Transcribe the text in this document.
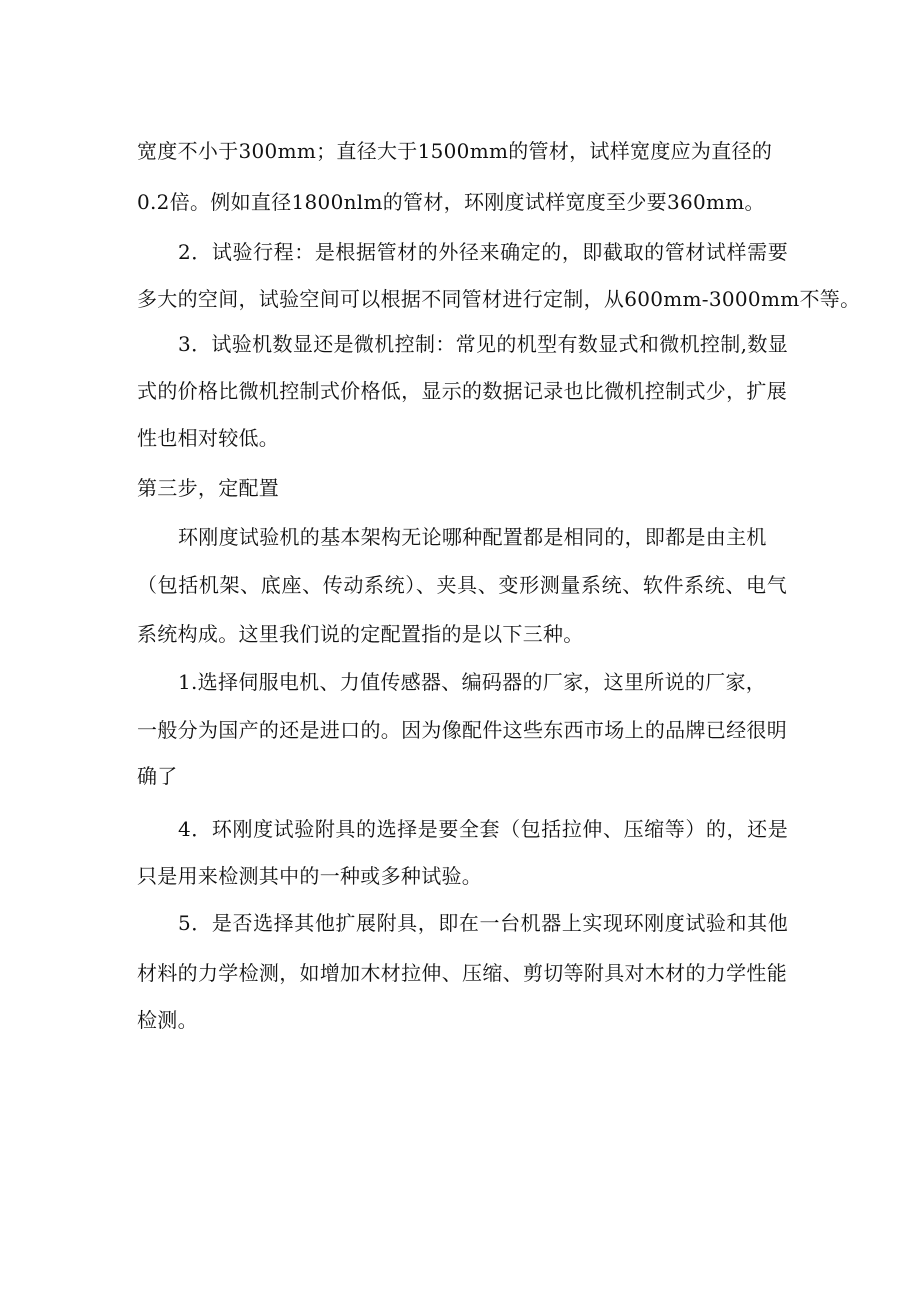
宽度不小于300mm；直径大于1500mm的管材，试样宽度应为直径的
0.2倍。例如直径1800nlm的管材，环刚度试样宽度至少要360mm。
2．试验行程：是根据管材的外径来确定的，即截取的管材试样需要
多大的空间，试验空间可以根据不同管材进行定制，从600mm-3000mm不等。
3．试验机数显还是微机控制：常见的机型有数显式和微机控制,数显
式的价格比微机控制式价格低，显示的数据记录也比微机控制式少，扩展
性也相对较低。
第三步，定配置
环刚度试验机的基本架构无论哪种配置都是相同的，即都是由主机
（包括机架、底座、传动系统）、夹具、变形测量系统、软件系统、电气
系统构成。这里我们说的定配置指的是以下三种。
1.选择伺服电机、力值传感器、编码器的厂家，这里所说的厂家，
一般分为国产的还是进口的。因为像配件这些东西市场上的品牌已经很明
确了
4．环刚度试验附具的选择是要全套（包括拉伸、压缩等）的，还是
只是用来检测其中的一种或多种试验。
5．是否选择其他扩展附具，即在一台机器上实现环刚度试验和其他
材料的力学检测，如增加木材拉伸、压缩、剪切等附具对木材的力学性能
检测。
